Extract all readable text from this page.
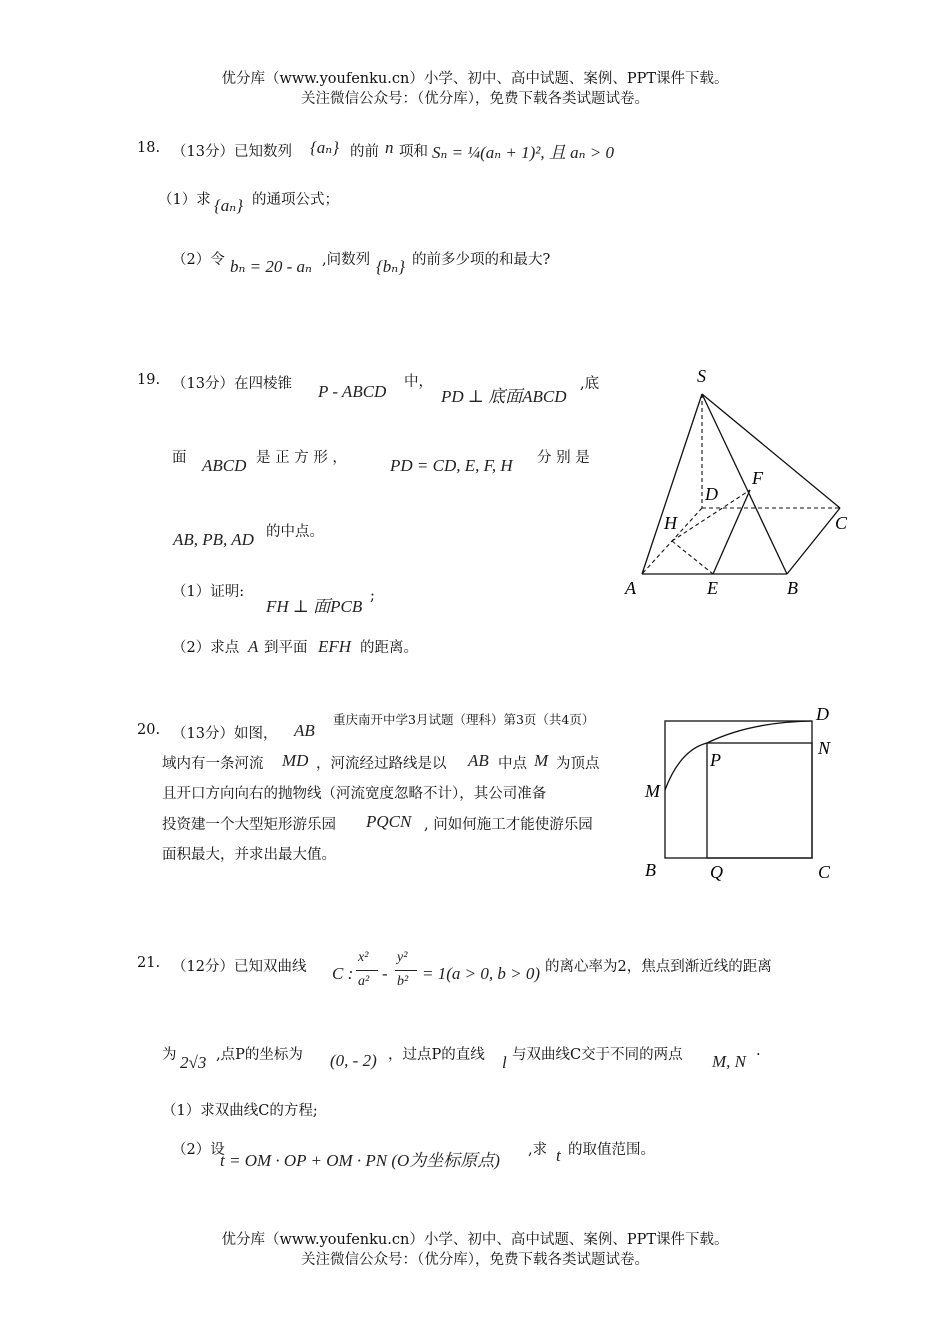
优分库（www.youfenku.cn）小学、初中、高中试题、案例、PPT课件下载。
关注微信公众号：（优分库），免费下载各类试题试卷。
18. （13分）已知数列 {aₙ} 的前 n 项和 Sₙ = ¼(aₙ + 1)², 且 aₙ > 0
（1）求 {aₙ} 的通项公式；
（2）令 bₙ = 20 - aₙ ,问数列 {bₙ} 的前多少项的和最大?
19. （13分）在四棱锥 P - ABCD 中，
PD ⊥ 底面ABCD
,底
面 ABCD 是 正 方 形 ，	PD = CD, E, F, H 分 别 是
AB, PB, AD 的中点。
（1）证明:
FH ⊥ 面PCB
;
（2）求点 A 到平面 EFH 的距离。
S
D
F
H	C
A	E	B
重庆南开中学3月试题（理科）第3页（共4页）
20. （13分）如图， AB
域内有一条河流 MD ，河流经过路线是以 AB 中点 M 为顶点
且开口方向向右的抛物线（河流宽度忽略不计），其公司准备
投资建一个大型矩形游乐园 PQCN , 问如何施工才能使游乐园
面积最大，并求出最大值。
D
N
P
M
B	Q	C
21. （12分）已知双曲线 C :
x²
a² -
y²
b² = 1(a > 0, b > 0) 的离心率为2，焦点到渐近线的距离
为 2√3 ,点P的坐标为 (0, - 2) ，过点P的直线 l 与双曲线C交于不同的两点 M, N
.
（1）求双曲线C的方程;
（2）设
t = OM · OP + OM · PN (O为坐标原点)
,求 t 的取值范围。
优分库（www.youfenku.cn）小学、初中、高中试题、案例、PPT课件下载。
关注微信公众号：（优分库），免费下载各类试题试卷。
